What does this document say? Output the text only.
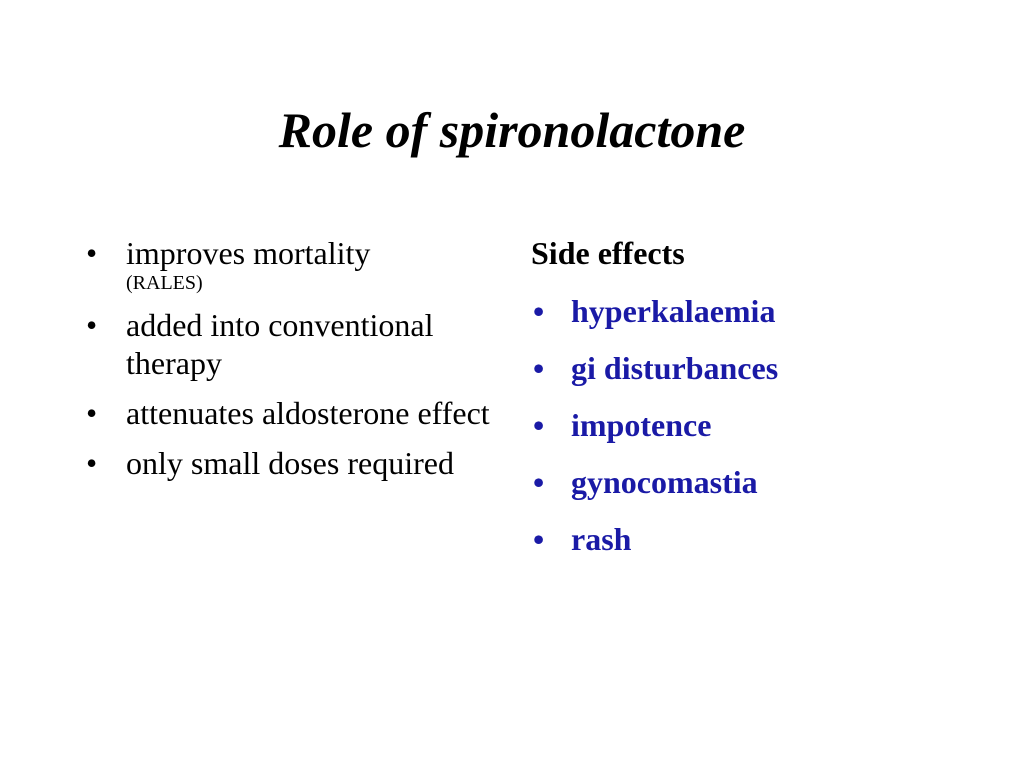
Role of spironolactone
• improves mortality
(RALES)
• added into conventional therapy
• attenuates aldosterone effect
• only small doses required
Side effects
• hyperkalaemia
• gi disturbances
• impotence
• gynocomastia
• rash
